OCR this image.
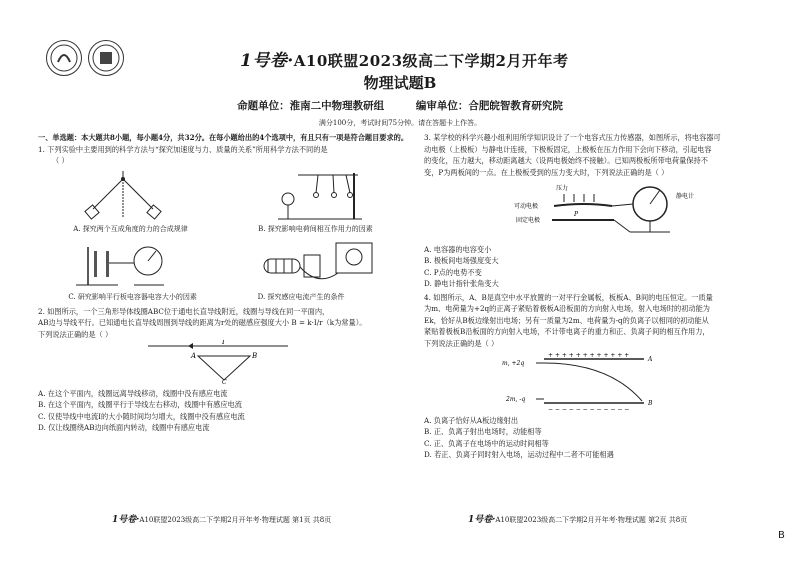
1号卷·A10联盟2023级高二下学期2月开年考
物理试题B
命题单位：淮南二中物理教研组	编审单位：合肥皖智教育研究院
满分100分，考试时间75分钟。请在答题卡上作答。

一、单选题：本大题共8小题，每小题4分，共32分。在每小题给出的4个选项中，有且只有一项是符合题目要求的。

1. 下列实验中主要用到的科学方法与“探究加速度与力、质量的关系”所用科学方法不同的是

（ ）

A. 探究两个互成角度的力的合成规律	B. 探究影响电荷间相互作用力的因素
C. 研究影响平行板电容器电容大小的因素	D. 探究感应电流产生的条件

2. 如图所示，一个三角形导体线圈ABC位于通电长直导线附近，线圈与导线在同一平面内，

AB边与导线平行。已知通电长直导线周围到导线的距离为r处的磁感应强度大小 B = k·I/r（k为常量）。

下列说法正确的是（ ）

I
A	B
C

A. 在这个平面内，线圈远离导线移动，线圈中没有感应电流

B. 在这个平面内，线圈平行于导线左右移动，线圈中有感应电流

C. 仅使导线中电流I的大小随时间均匀增大，线圈中没有感应电流

D. 仅让线圈绕AB边向纸面内转动，线圈中有感应电流

3. 某学校的科学兴趣小组利用所学知识设计了一个电容式压力传感器，如图所示，将电容器可

动电极（上极板）与静电计连接，下极板固定，上极板在压力作用下会向下移动，引起电容

的变化，压力越大，移动距离越大（设两电极始终不接触）。已知两极板所带电荷量保持不

变，P为两板间的一点。在上极板受到的压力变大时，下列说法正确的是（ ）

压力
可动电极
固定电极
P
静电计

A. 电容器的电容变小

B. 极板间电场强度变大

C. P点的电势不变

D. 静电计指针张角变大

4. 如图所示，A、B是真空中水平放置的一对平行金属板，板板A、B间的电压恒定。一质量

为m、电荷量为+2q的正离子紧贴着极板A沿板面的方向射入电场，射入电场时的初动能为

Ek，恰好从B板边缘射出电场；另有一质量为2m、电荷量为-q的负离子以相同的初动能从

紧贴着极板B沿板面的方向射入电场，不计带电离子的重力和正、负离子间的相互作用力，

下列说法正确的是（ ）

A
+ + + + + + + + + + + +
B
− − − − − − − − − − − −
m, +2q
2m, -q

A. 负离子恰好从A板边缘射出

B. 正、负离子射出电场时，动能相等

C. 正、负离子在电场中的运动时间相等

D. 若正、负离子同时射入电场，运动过程中二者不可能相遇

1号卷·A10联盟2023级高二下学期2月开年考·物理试题 第1页 共8页	1号卷·A10联盟2023级高二下学期2月开年考·物理试题 第2页 共8页
B
